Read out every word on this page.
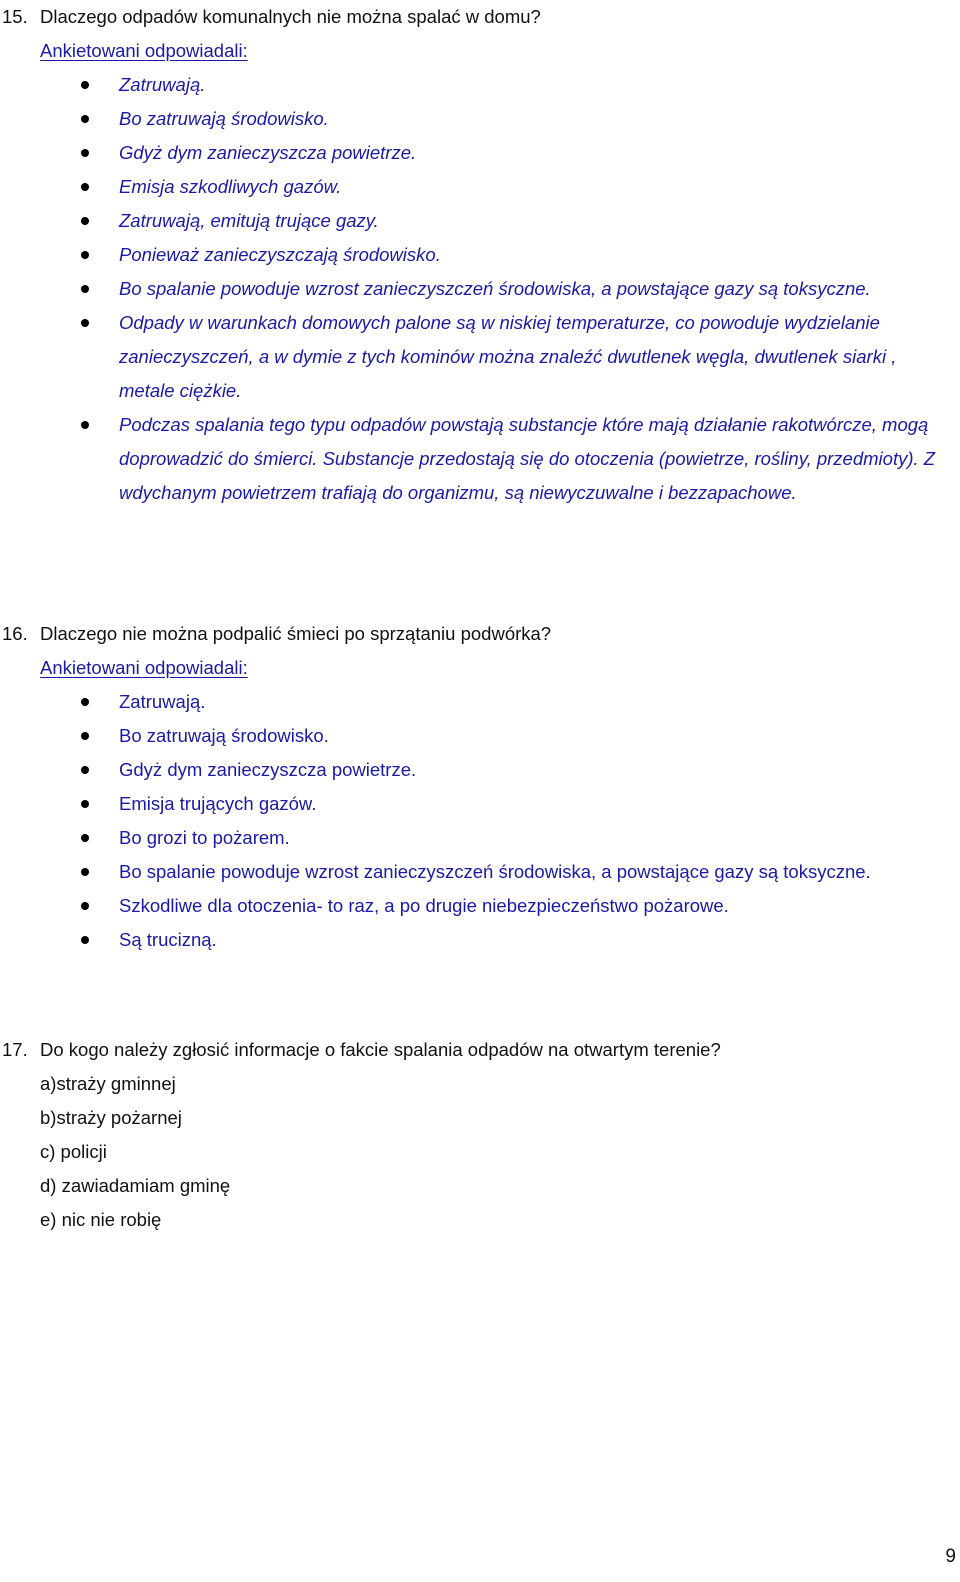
15. Dlaczego odpadów komunalnych nie można spalać w domu?
Ankietowani odpowiadali:
Zatruwają.
Bo zatruwają środowisko.
Gdyż dym zanieczyszcza powietrze.
Emisja szkodliwych gazów.
Zatruwają, emitują trujące gazy.
Ponieważ zanieczyszczają środowisko.
Bo spalanie powoduje wzrost zanieczyszczeń środowiska, a powstające gazy są toksyczne.
Odpady w warunkach domowych palone są w niskiej temperaturze, co powoduje wydzielanie zanieczyszczeń, a w dymie z tych kominów można znaleźć dwutlenek węgla, dwutlenek siarki , metale ciężkie.
Podczas spalania tego typu odpadów powstają substancje które mają działanie rakotwórcze, mogą doprowadzić do śmierci. Substancje przedostają się do otoczenia (powietrze, rośliny, przedmioty). Z wdychanym powietrzem trafiają do organizmu, są niewyczuwalne i bezzapachowe.
16. Dlaczego nie można podpalić śmieci po sprzątaniu podwórka?
Ankietowani odpowiadali:
Zatruwają.
Bo zatruwają środowisko.
Gdyż dym zanieczyszcza powietrze.
Emisja trujących gazów.
Bo grozi to pożarem.
Bo spalanie powoduje wzrost zanieczyszczeń środowiska, a powstające gazy są toksyczne.
Szkodliwe dla otoczenia- to raz, a po drugie niebezpieczeństwo pożarowe.
Są trucizną.
17. Do kogo należy zgłosić informacje o fakcie spalania odpadów na otwartym terenie?
a)straży gminnej
b)straży pożarnej
c) policji
d) zawiadamiam gminę
e) nic nie robię
9
